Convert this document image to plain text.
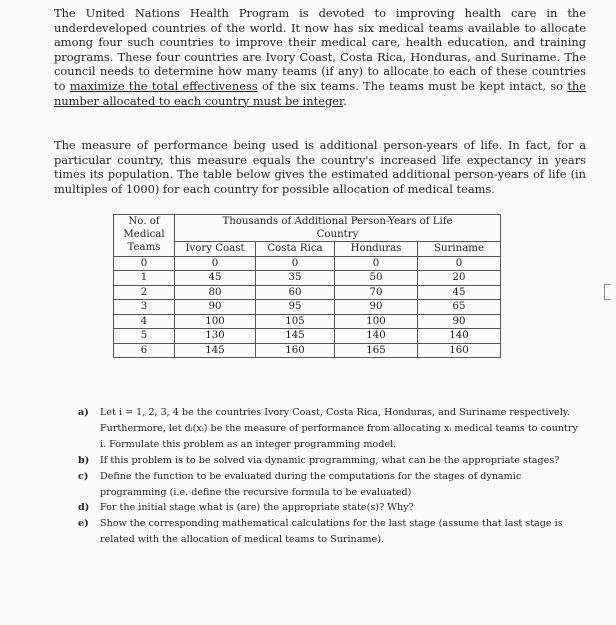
The United Nations Health Program is devoted to improving health care in the underdeveloped countries of the world. It now has six medical teams available to allocate among four such countries to improve their medical care, health education, and training programs. These four countries are Ivory Coast, Costa Rica, Honduras, and Suriname. The council needs to determine how many teams (if any) to allocate to each of these countries to maximize the total effectiveness of the six teams. The teams must be kept intact, so the number allocated to each country must be integer.

The measure of performance being used is additional person-years of life. In fact, for a particular country, this measure equals the country's increased life expectancy in years times its population. The table below gives the estimated additional person-years of life (in multiples of 1000) for each country for possible allocation of medical teams.

No. of Medical Teams	Thousands of Additional Person-Years of Life
Country			
	Ivory Coast	Costa Rica	Honduras	Suriname
0	0	0	0	0
1	45	35	50	20
2	80	60	70	45
3	90	95	90	65
4	100	105	100	90
5	130	145	140	140
6	145	160	165	160
a) Let i = 1, 2, 3, 4 be the countries Ivory Coast, Costa Rica, Honduras, and Suriname respectively. Furthermore, let dᵢ(xᵢ) be the measure of performance from allocating xᵢ medical teams to country i. Formulate this problem as an integer programming model.
b) If this problem is to be solved via dynamic programming, what can be the appropriate stages?
c) Define the function to be evaluated during the computations for the stages of dynamic programming (i.e. define the recursive formula to be evaluated)
d) For the initial stage what is (are) the appropriate state(s)? Why?
e) Show the corresponding mathematical calculations for the last stage (assume that last stage is related with the allocation of medical teams to Suriname).
